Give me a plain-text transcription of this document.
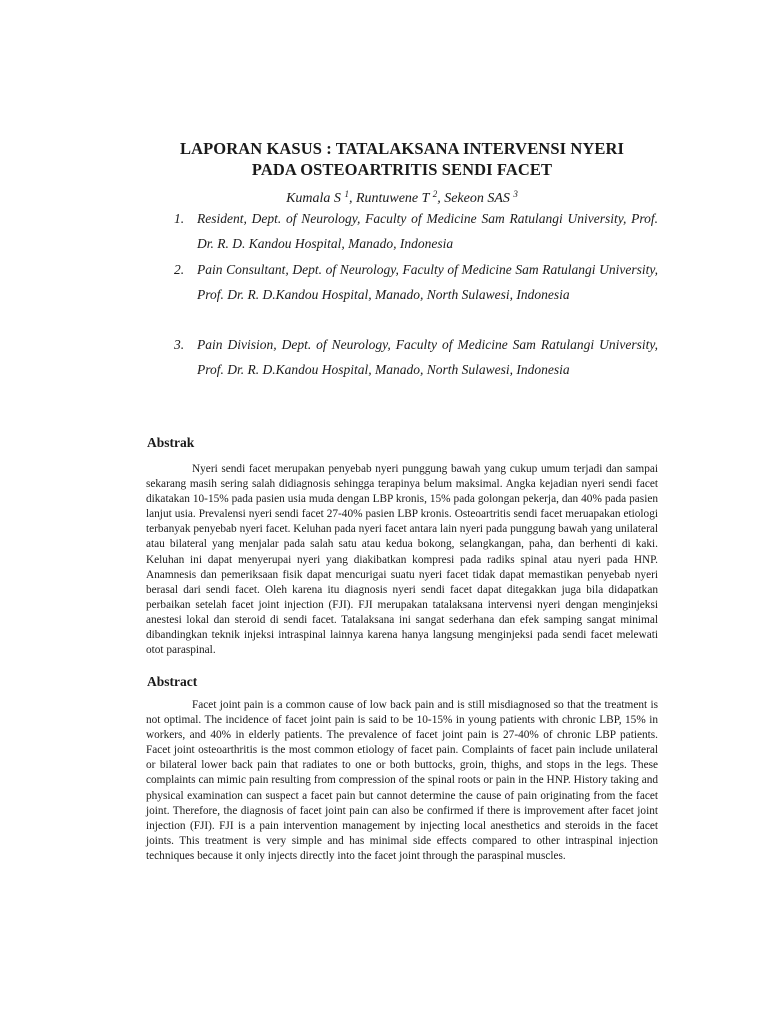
LAPORAN KASUS : TATALAKSANA INTERVENSI NYERI
PADA OSTEOARTRITIS SENDI FACET
Kumala S $^1$, Runtuwene T $^2$, Sekeon SAS $^3$
1. Resident, Dept. of Neurology, Faculty of Medicine Sam Ratulangi University, Prof. Dr. R. D. Kandou Hospital, Manado, Indonesia
2. Pain Consultant, Dept. of Neurology, Faculty of Medicine Sam Ratulangi University, Prof. Dr. R. D.Kandou Hospital, Manado, North Sulawesi, Indonesia
3. Pain Division, Dept. of Neurology, Faculty of Medicine Sam Ratulangi University, Prof. Dr. R. D.Kandou Hospital, Manado, North Sulawesi, Indonesia
Abstrak

Nyeri sendi facet merupakan penyebab nyeri punggung bawah yang cukup umum terjadi dan sampai sekarang masih sering salah didiagnosis sehingga terapinya belum maksimal. Angka kejadian nyeri sendi facet dikatakan 10-15% pada pasien usia muda dengan LBP kronis, 15% pada golongan pekerja, dan 40% pada pasien lanjut usia. Prevalensi nyeri sendi facet 27-40% pasien LBP kronis. Osteoartritis sendi facet meruapakan etiologi terbanyak penyebab nyeri facet. Keluhan pada nyeri facet antara lain nyeri pada punggung bawah yang unilateral atau bilateral yang menjalar pada salah satu atau kedua bokong, selangkangan, paha, dan berhenti di kaki. Keluhan ini dapat menyerupai nyeri yang diakibatkan kompresi pada radiks spinal atau nyeri pada HNP. Anamnesis dan pemeriksaan fisik dapat mencurigai suatu nyeri facet tidak dapat memastikan penyebab nyeri berasal dari sendi facet. Oleh karena itu diagnosis nyeri sendi facet dapat ditegakkan juga bila didapatkan perbaikan setelah facet joint injection (FJI). FJI merupakan tatalaksana intervensi nyeri dengan menginjeksi anestesi lokal dan steroid di sendi facet. Tatalaksana ini sangat sederhana dan efek samping sangat minimal dibandingkan teknik injeksi intraspinal lainnya karena hanya langsung menginjeksi pada sendi facet melewati otot paraspinal.

Abstract

Facet joint pain is a common cause of low back pain and is still misdiagnosed so that the treatment is not optimal. The incidence of facet joint pain is said to be 10-15% in young patients with chronic LBP, 15% in workers, and 40% in elderly patients. The prevalence of facet joint pain is 27-40% of chronic LBP patients. Facet joint osteoarthritis is the most common etiology of facet pain. Complaints of facet pain include unilateral or bilateral lower back pain that radiates to one or both buttocks, groin, thighs, and stops in the legs. These complaints can mimic pain resulting from compression of the spinal roots or pain in the HNP. History taking and physical examination can suspect a facet pain but cannot determine the cause of pain originating from the facet joint. Therefore, the diagnosis of facet joint pain can also be confirmed if there is improvement after facet joint injection (FJI). FJI is a pain intervention management by injecting local anesthetics and steroids in the facet joints. This treatment is very simple and has minimal side effects compared to other intraspinal injection techniques because it only injects directly into the facet joint through the paraspinal muscles.
